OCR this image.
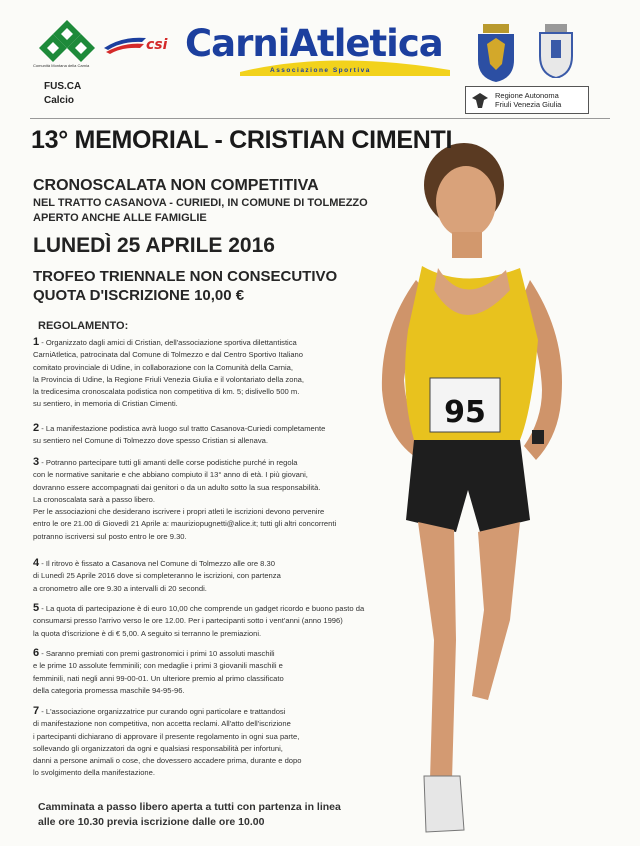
Comunità Montana della Carnia
FUS.CA
Calcio
csi CarniAtletica
Associazione Sportiva
Regione Autonoma
Friuli Venezia Giulia
95
13° MEMORIAL - CRISTIAN CIMENTI
CRONOSCALATA NON COMPETITIVA
NEL TRATTO CASANOVA - CURIEDI, IN COMUNE DI TOLMEZZO
APERTO ANCHE ALLE FAMIGLIE
LUNEDÌ 25 APRILE 2016
TROFEO TRIENNALE NON CONSECUTIVO
QUOTA D'ISCRIZIONE 10,00 €
REGOLAMENTO:
1 - Organizzato dagli amici di Cristian, dell'associazione sportiva dilettantistica
CarniAtletica, patrocinata dal Comune di Tolmezzo e dal Centro Sportivo Italiano
comitato provinciale di Udine, in collaborazione con la Comunità della Carnia,
la Provincia di Udine, la Regione Friuli Venezia Giulia e il volontariato della zona,
la tredicesima cronoscalata podistica non competitiva di km. 5; dislivello 500 m.
su sentiero, in memoria di Cristian Cimenti.
2 - La manifestazione podistica avrà luogo sul tratto Casanova-Curiedi completamente
su sentiero nel Comune di Tolmezzo dove spesso Cristian si allenava.
3 - Potranno partecipare tutti gli amanti delle corse podistiche purché in regola
con le normative sanitarie e che abbiano compiuto il 13° anno di età. I più giovani,
dovranno essere accompagnati dai genitori o da un adulto sotto la sua responsabilità.
La cronoscalata sarà a passo libero.
Per le associazioni che desiderano iscrivere i propri atleti le iscrizioni devono pervenire
entro le ore 21.00 di Giovedì 21 Aprile a: mauriziopugnetti@alice.it; tutti gli altri concorrenti
potranno iscriversi sul posto entro le ore 9.30.
4 - Il ritrovo è fissato a Casanova nel Comune di Tolmezzo alle ore 8.30
di Lunedì 25 Aprile 2016 dove si completeranno le iscrizioni, con partenza
a cronometro alle ore 9.30 a intervalli di 20 secondi.
5 - La quota di partecipazione è di euro 10,00 che comprende un gadget ricordo e buono pasto da
consumarsi presso l'arrivo verso le ore 12.00. Per i partecipanti sotto i vent'anni (anno 1996)
la quota d'iscrizione è di € 5,00. A seguito si terranno le premiazioni.
6 - Saranno premiati con premi gastronomici i primi 10 assoluti maschili
e le prime 10 assolute femminili; con medaglie i primi 3 giovanili maschili e
femminili, nati negli anni 99-00-01. Un ulteriore premio al primo classificato
della categoria promessa maschile 94-95-96.
7 - L'associazione organizzatrice pur curando ogni particolare e trattandosi
di manifestazione non competitiva, non accetta reclami. All'atto dell'iscrizione
i partecipanti dichiarano di approvare il presente regolamento in ogni sua parte,
sollevando gli organizzatori da ogni e qualsiasi responsabilità per infortuni,
danni a persone animali o cose, che dovessero accadere prima, durante e dopo
lo svolgimento della manifestazione.
Camminata a passo libero aperta a tutti con partenza in linea
alle ore 10.30 previa iscrizione dalle ore 10.00
